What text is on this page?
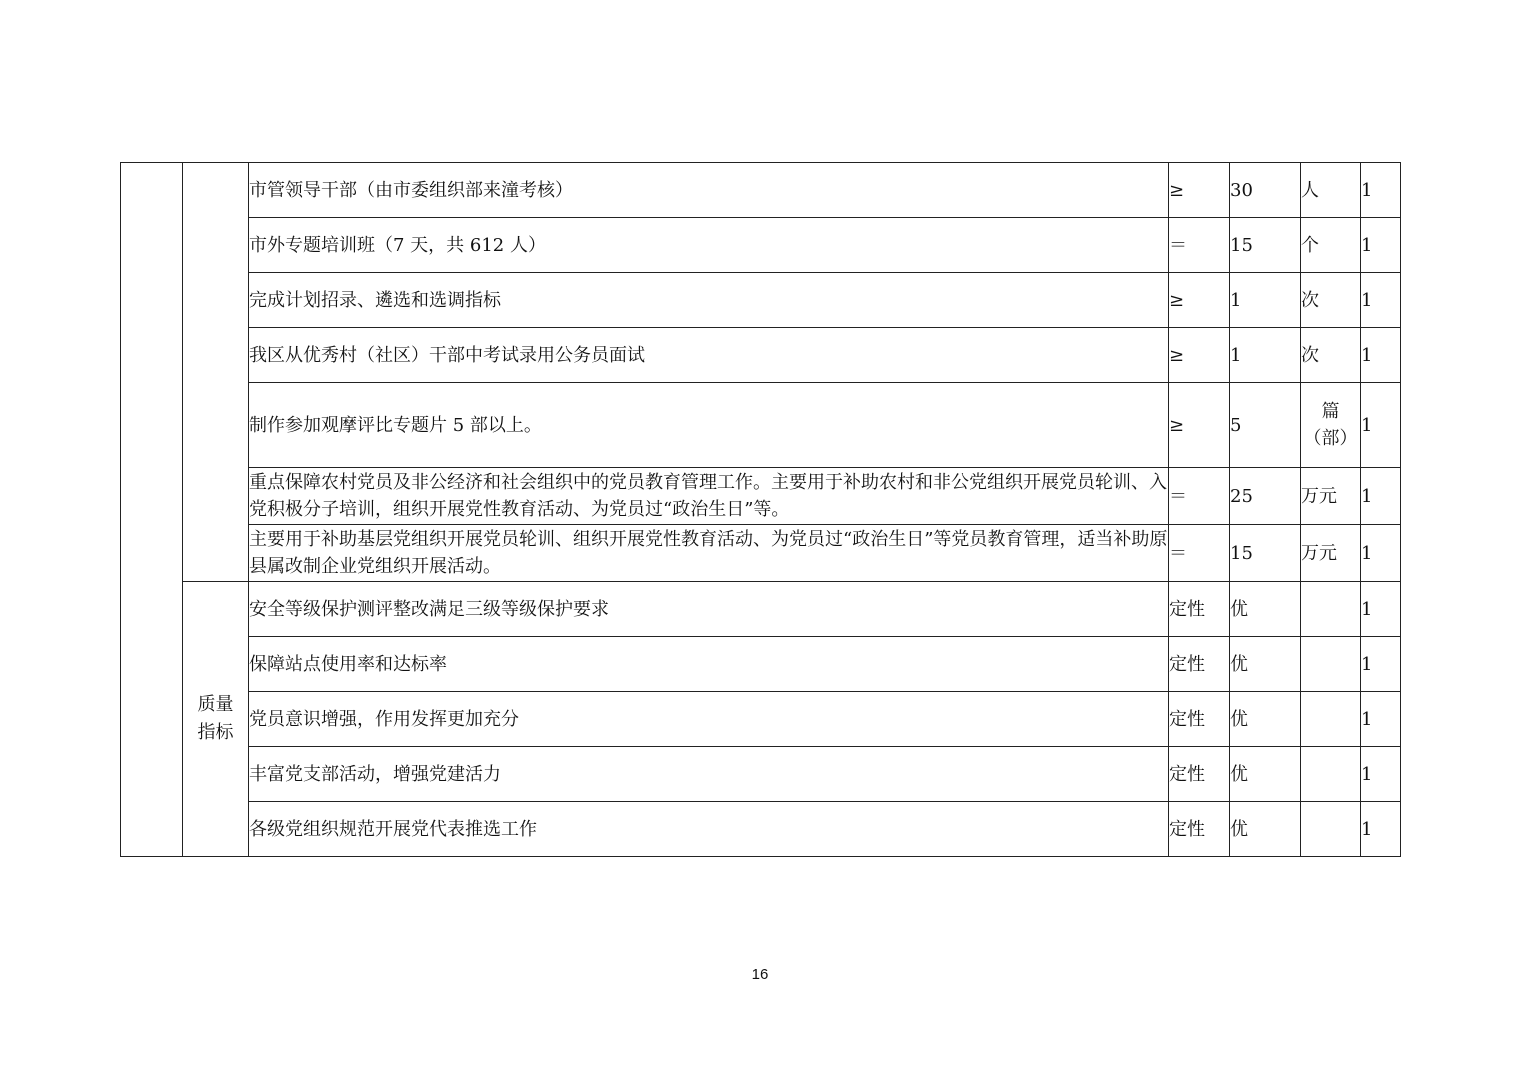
		市管领导干部（由市委组织部来潼考核）	≥	30	人	1
		市外专题培训班（7 天，共 612 人）	＝	15	个	1
		完成计划招录、遴选和选调指标	≥	1	次	1
		我区从优秀村（社区）干部中考试录用公务员面试	≥	1	次	1
		制作参加观摩评比专题片 5 部以上。	≥	5	篇（部）	1
		重点保障农村党员及非公经济和社会组织中的党员教育管理工作。主要用于补助农村和非公党组织开展党员轮训、入党积极分子培训，组织开展党性教育活动、为党员过“政治生日”等。	＝	25	万元	1
		主要用于补助基层党组织开展党员轮训、组织开展党性教育活动、为党员过“政治生日”等党员教育管理，适当补助原县属改制企业党组织开展活动。	＝	15	万元	1
	质量指标	安全等级保护测评整改满足三级等级保护要求	定性	优		1
		保障站点使用率和达标率	定性	优		1
		党员意识增强，作用发挥更加充分	定性	优		1
		丰富党支部活动，增强党建活力	定性	优		1
		各级党组织规范开展党代表推选工作	定性	优		1
16
